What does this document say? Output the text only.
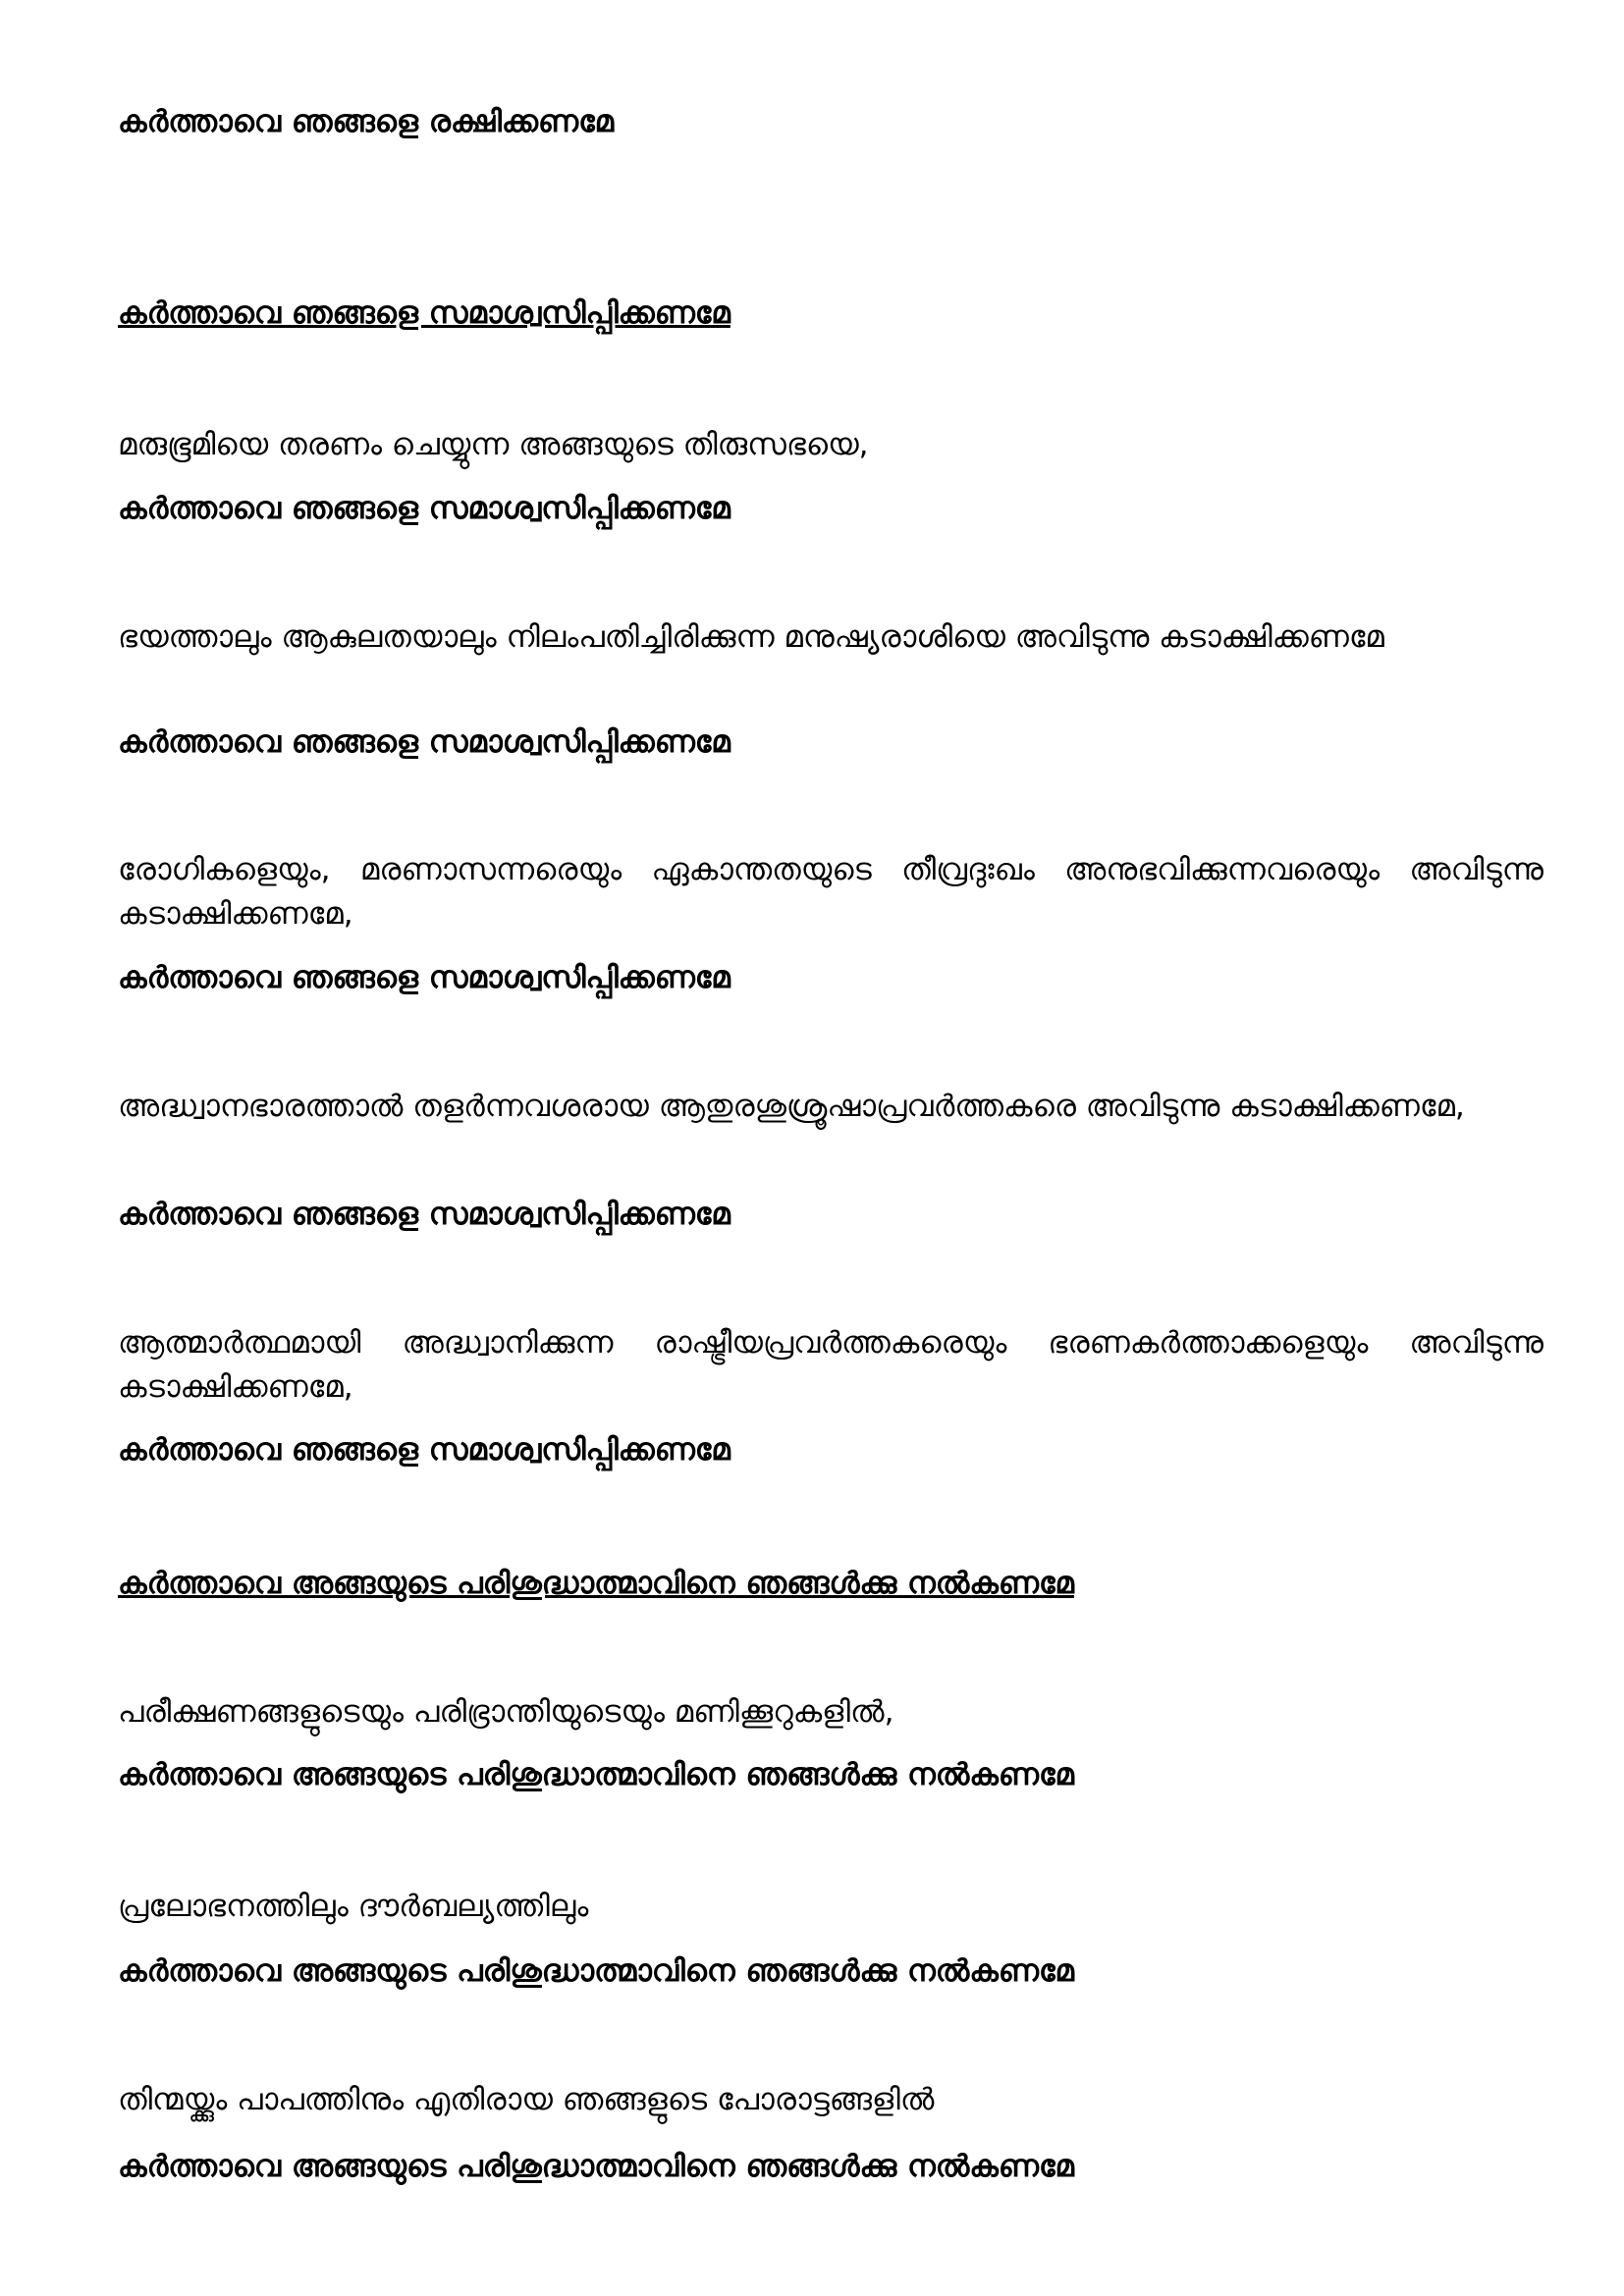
കർത്താവെ ഞങ്ങളെ രക്ഷിക്കണമേ
കർത്താവെ ഞങ്ങളെ സമാശ്വസിപ്പിക്കണമേ
മരുഭൂമിയെ തരണം ചെയ്യുന്ന അങ്ങയുടെ തിരുസഭയെ,
കർത്താവെ ഞങ്ങളെ സമാശ്വസിപ്പിക്കണമേ
ഭയത്താലും ആകുലതയാലും നിലംപതിച്ചിരിക്കുന്ന മനുഷ്യരാശിയെ അവിടുന്നു കടാക്ഷിക്കണമേ
കർത്താവെ ഞങ്ങളെ സമാശ്വസിപ്പിക്കണമേ
രോഗികളെയും, മരണാസന്നരെയും ഏകാന്തതയുടെ തീവ്രദുഃഖം അനുഭവിക്കുന്നവരെയും അവിടുന്നു കടാക്ഷിക്കണമേ,
കർത്താവെ ഞങ്ങളെ സമാശ്വസിപ്പിക്കണമേ
അദ്ധ്വാനഭാരത്താൽ തളർന്നവശരായ ആതുരശുശ്രൂഷാപ്രവർത്തകരെ അവിടുന്നു കടാക്ഷിക്കണമേ,
കർത്താവെ ഞങ്ങളെ സമാശ്വസിപ്പിക്കണമേ
ആത്മാർത്ഥമായി അദ്ധ്വാനിക്കുന്ന രാഷ്ട്രീയപ്രവർത്തകരെയും ഭരണകർത്താക്കളെയും അവിടുന്നു കടാക്ഷിക്കണമേ,
കർത്താവെ ഞങ്ങളെ സമാശ്വസിപ്പിക്കണമേ
കർത്താവെ അങ്ങയുടെ പരിശുദ്ധാത്മാവിനെ ഞങ്ങൾക്കു നൽകണമേ
പരീക്ഷണങ്ങളുടെയും പരിഭ്രാന്തിയുടെയും മണിക്കൂറുകളിൽ,
കർത്താവെ അങ്ങയുടെ പരിശുദ്ധാത്മാവിനെ ഞങ്ങൾക്കു നൽകണമേ
പ്രലോഭനത്തിലും ദൗർബല്യത്തിലും
കർത്താവെ അങ്ങയുടെ പരിശുദ്ധാത്മാവിനെ ഞങ്ങൾക്കു നൽകണമേ
തിന്മയ്ക്കും പാപത്തിനും എതിരായ ഞങ്ങളുടെ പോരാട്ടങ്ങളിൽ
കർത്താവെ അങ്ങയുടെ പരിശുദ്ധാത്മാവിനെ ഞങ്ങൾക്കു നൽകണമേ
